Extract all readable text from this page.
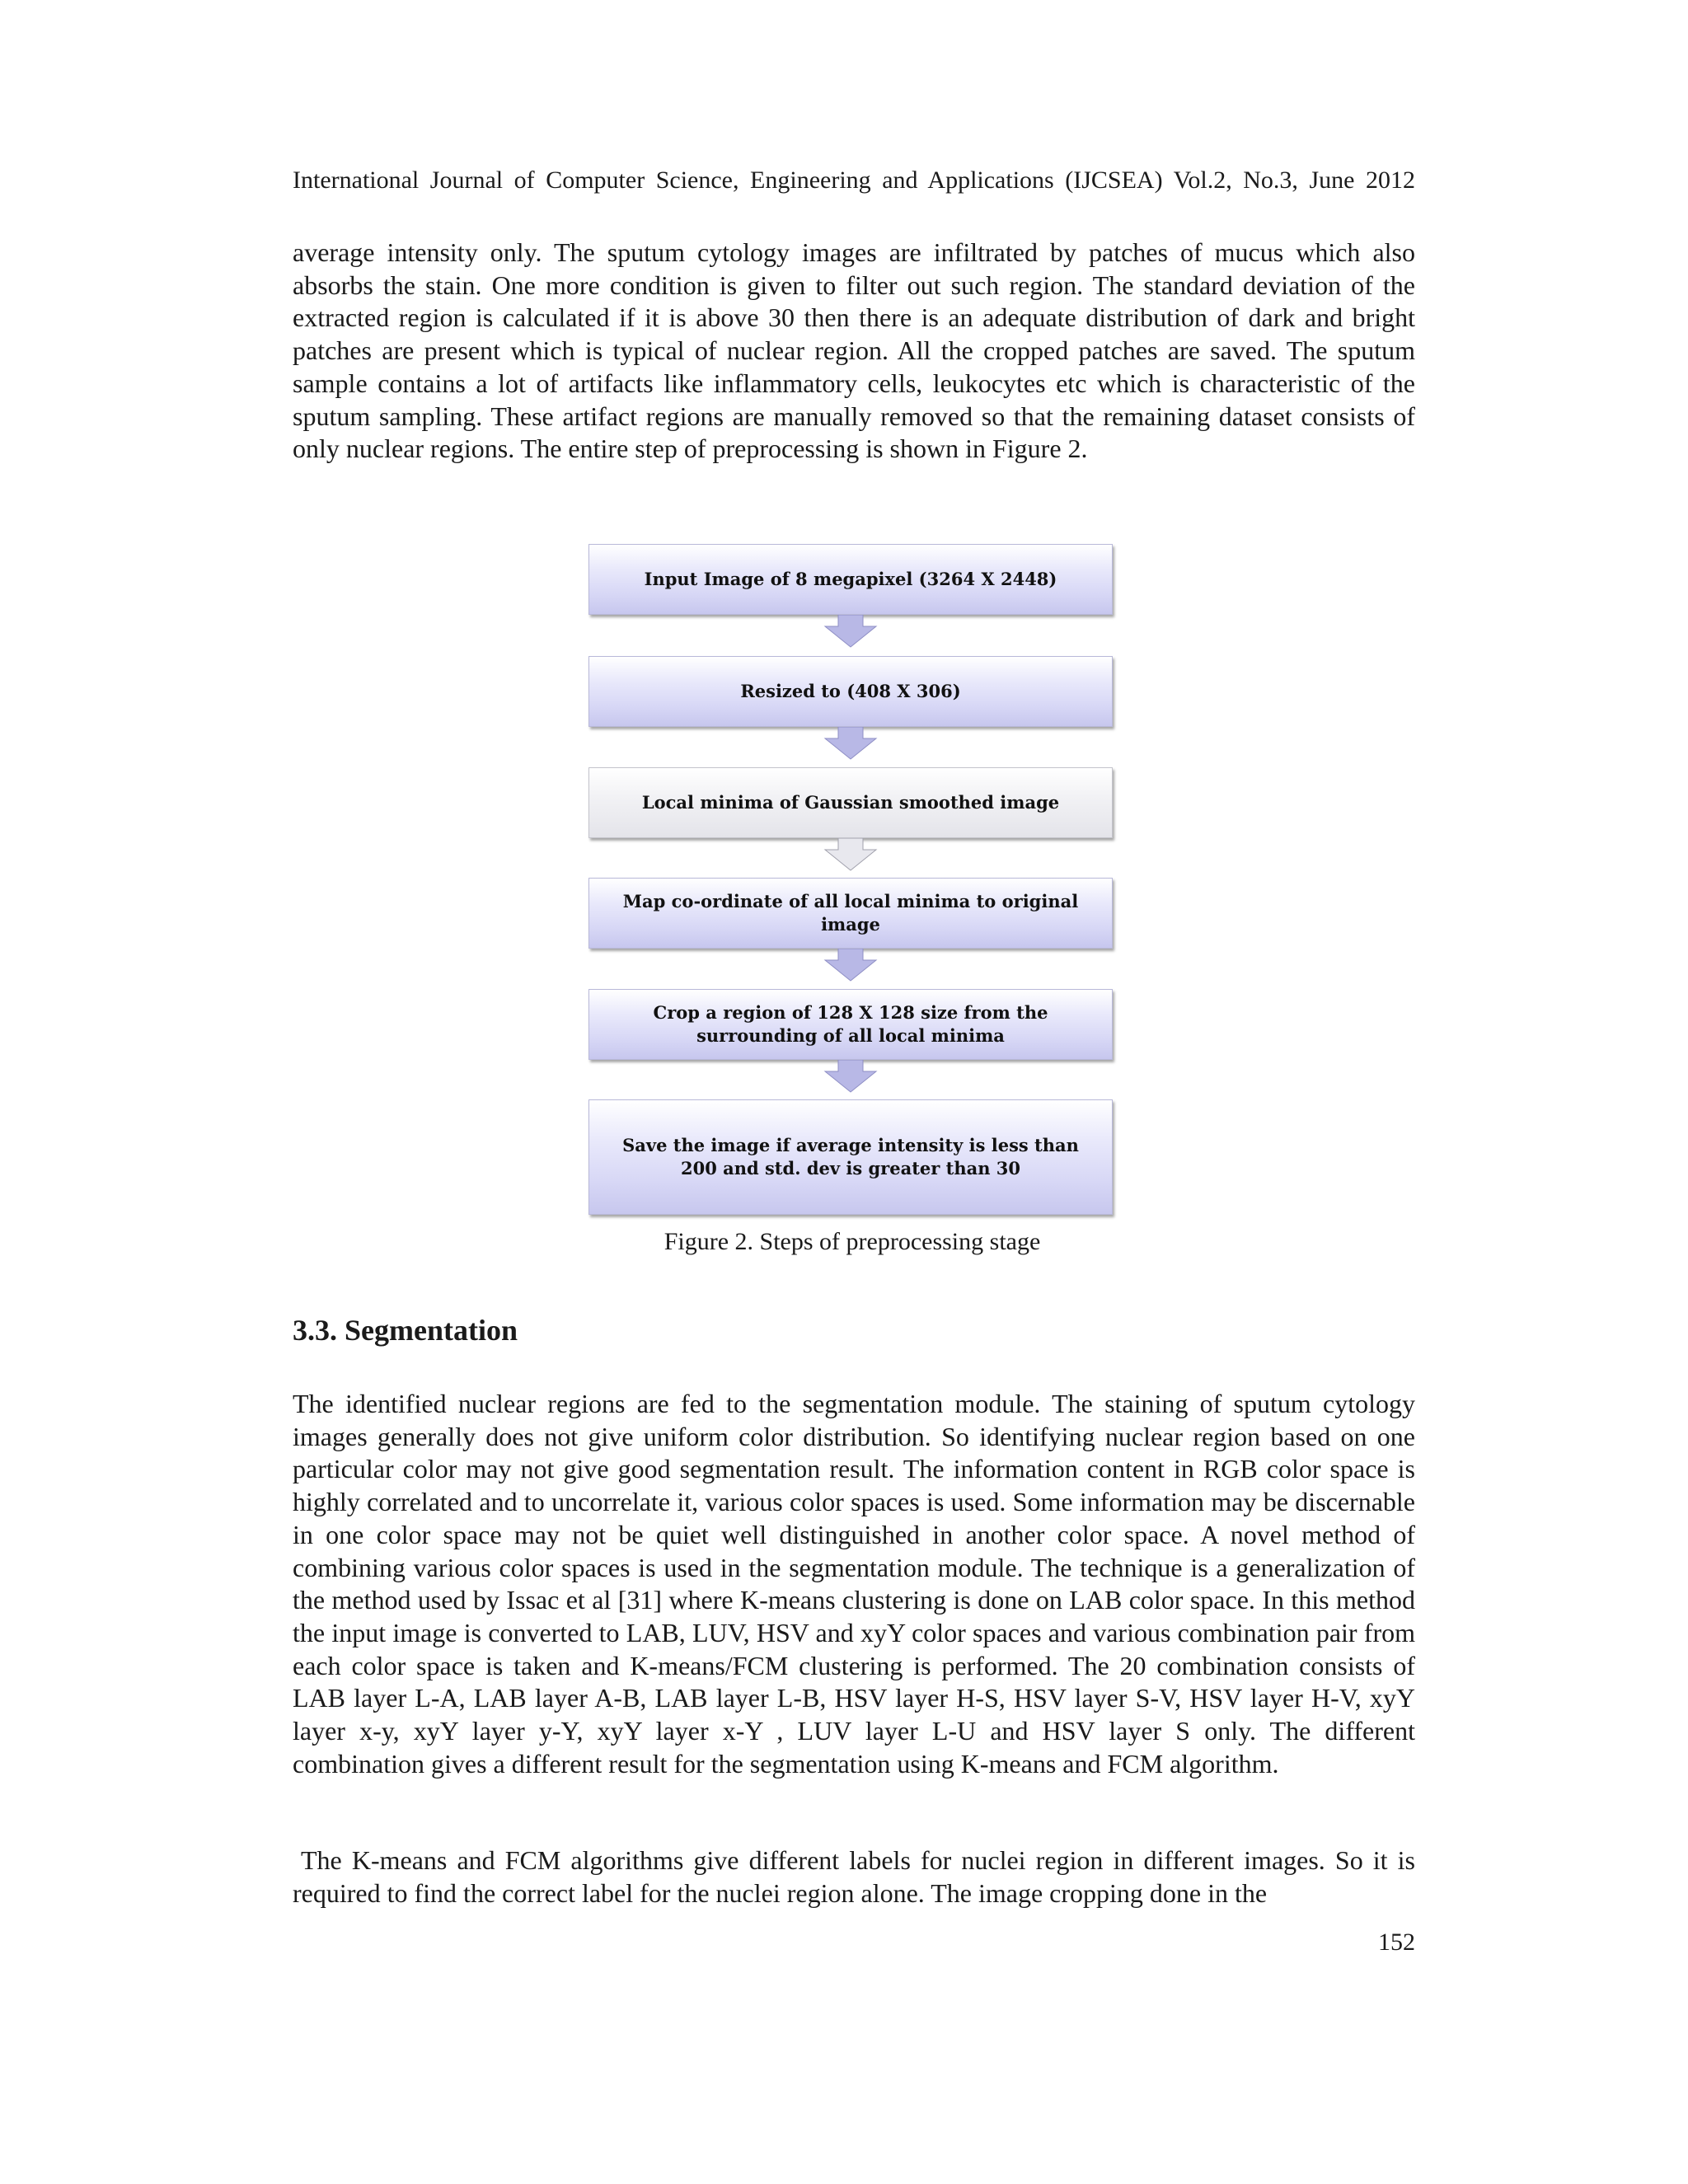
International Journal of Computer Science, Engineering and Applications (IJCSEA) Vol.2, No.3, June 2012

average intensity only. The sputum cytology images are infiltrated by patches of mucus which also absorbs the stain. One more condition is given to filter out such region. The standard deviation of the extracted region is calculated if it is above 30 then there is an adequate distribution of dark and bright patches are present which is typical of nuclear region. All the cropped patches are saved. The sputum sample contains a lot of artifacts like inflammatory cells, leukocytes etc which is characteristic of the sputum sampling. These artifact regions are manually removed so that the remaining dataset consists of only nuclear regions. The entire step of preprocessing is shown in Figure 2.

Input Image of 8 megapixel (3264 X 2448)
Resized to (408 X 306)
Local minima of Gaussian smoothed image
Map co-ordinate of all local minima to original image
Crop a region of 128 X 128 size from the surrounding of all local minima
Save the image if average intensity is less than 200 and std. dev is greater than 30
Figure 2. Steps of preprocessing stage
3.3. Segmentation

The identified nuclear regions are fed to the segmentation module. The staining of sputum cytology images generally does not give uniform color distribution. So identifying nuclear region based on one particular color may not give good segmentation result. The information content in RGB color space is highly correlated and to uncorrelate it, various color spaces is used. Some information may be discernable in one color space may not be quiet well distinguished in another color space. A novel method of combining various color spaces is used in the segmentation module. The technique is a generalization of the method used by Issac et al [31] where K-means clustering is done on LAB color space. In this method the input image is converted to LAB, LUV, HSV and xyY color spaces and various combination pair from each color space is taken and K-means/FCM clustering is performed. The 20 combination consists of LAB layer L-A, LAB layer A-B, LAB layer L-B, HSV layer H-S, HSV layer S-V, HSV layer H-V, xyY layer x-y, xyY layer y-Y, xyY layer x-Y , LUV layer L-U and HSV layer S only. The different combination gives a different result for the segmentation using K-means and FCM algorithm.

The K-means and FCM algorithms give different labels for nuclei region in different images. So it is required to find the correct label for the nuclei region alone. The image cropping done in the

152
